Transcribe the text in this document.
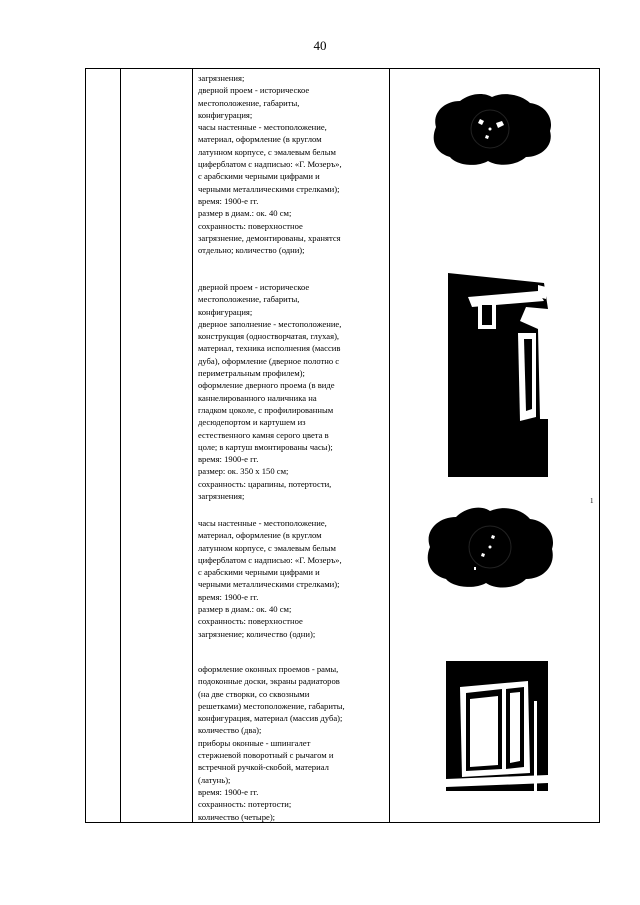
40

загрязнения;

дверной проем - историческое

местоположение, габариты,

конфигурация;

часы настенные - местоположение,

материал, оформление (в круглом

латунном корпусе, с эмалевым белым

циферблатом с надписью: «Г. Мозеръ»,

с арабскими черными цифрами и

черными металлическими стрелками);

время: 1900-е гг.

размер в диам.: ок. 40 см;

сохранность: поверхностное

загрязнение, демонтированы, хранятся

отдельно; количество (одни);

дверной проем - историческое

местоположение, габариты,

конфигурация;

дверное заполнение - местоположение,

конструкция (одностворчатая, глухая),

материал, техника исполнения (массив

дуба), оформление (дверное полотно с

периметральным профилем);

оформление дверного проема (в виде

каннелированного наличника на

гладком цоколе, с профилированным

десюдепортом и картушем из

естественного камня серого цвета в

цоле; в картуш вмонтированы часы);

время: 1900-е гг.

размер: ок. 350 х 150 см;

сохранность: царапины, потертости,

загрязнения;

часы настенные - местоположение,

материал, оформление (в круглом

латунном корпусе, с эмалевым белым

циферблатом с надписью: «Г. Мозеръ»,

с арабскими черными цифрами и

черными металлическими стрелками);

время: 1900-е гг.

размер в диам.: ок. 40 см;

сохранность: поверхностное

загрязнение; количество (одни);

оформление оконных проемов - рамы,

подоконные доски, экраны радиаторов

(на две створки, со сквозными

решетками) местоположение, габариты,

конфигурация, материал (массив дуба);

количество (два);

приборы оконные - шпингалет

стержневой поворотный с рычагом и

встречной ручкой-скобой, материал

(латунь);

время: 1900-е гг.

сохранность: потертости;

количество (четыре);

1
